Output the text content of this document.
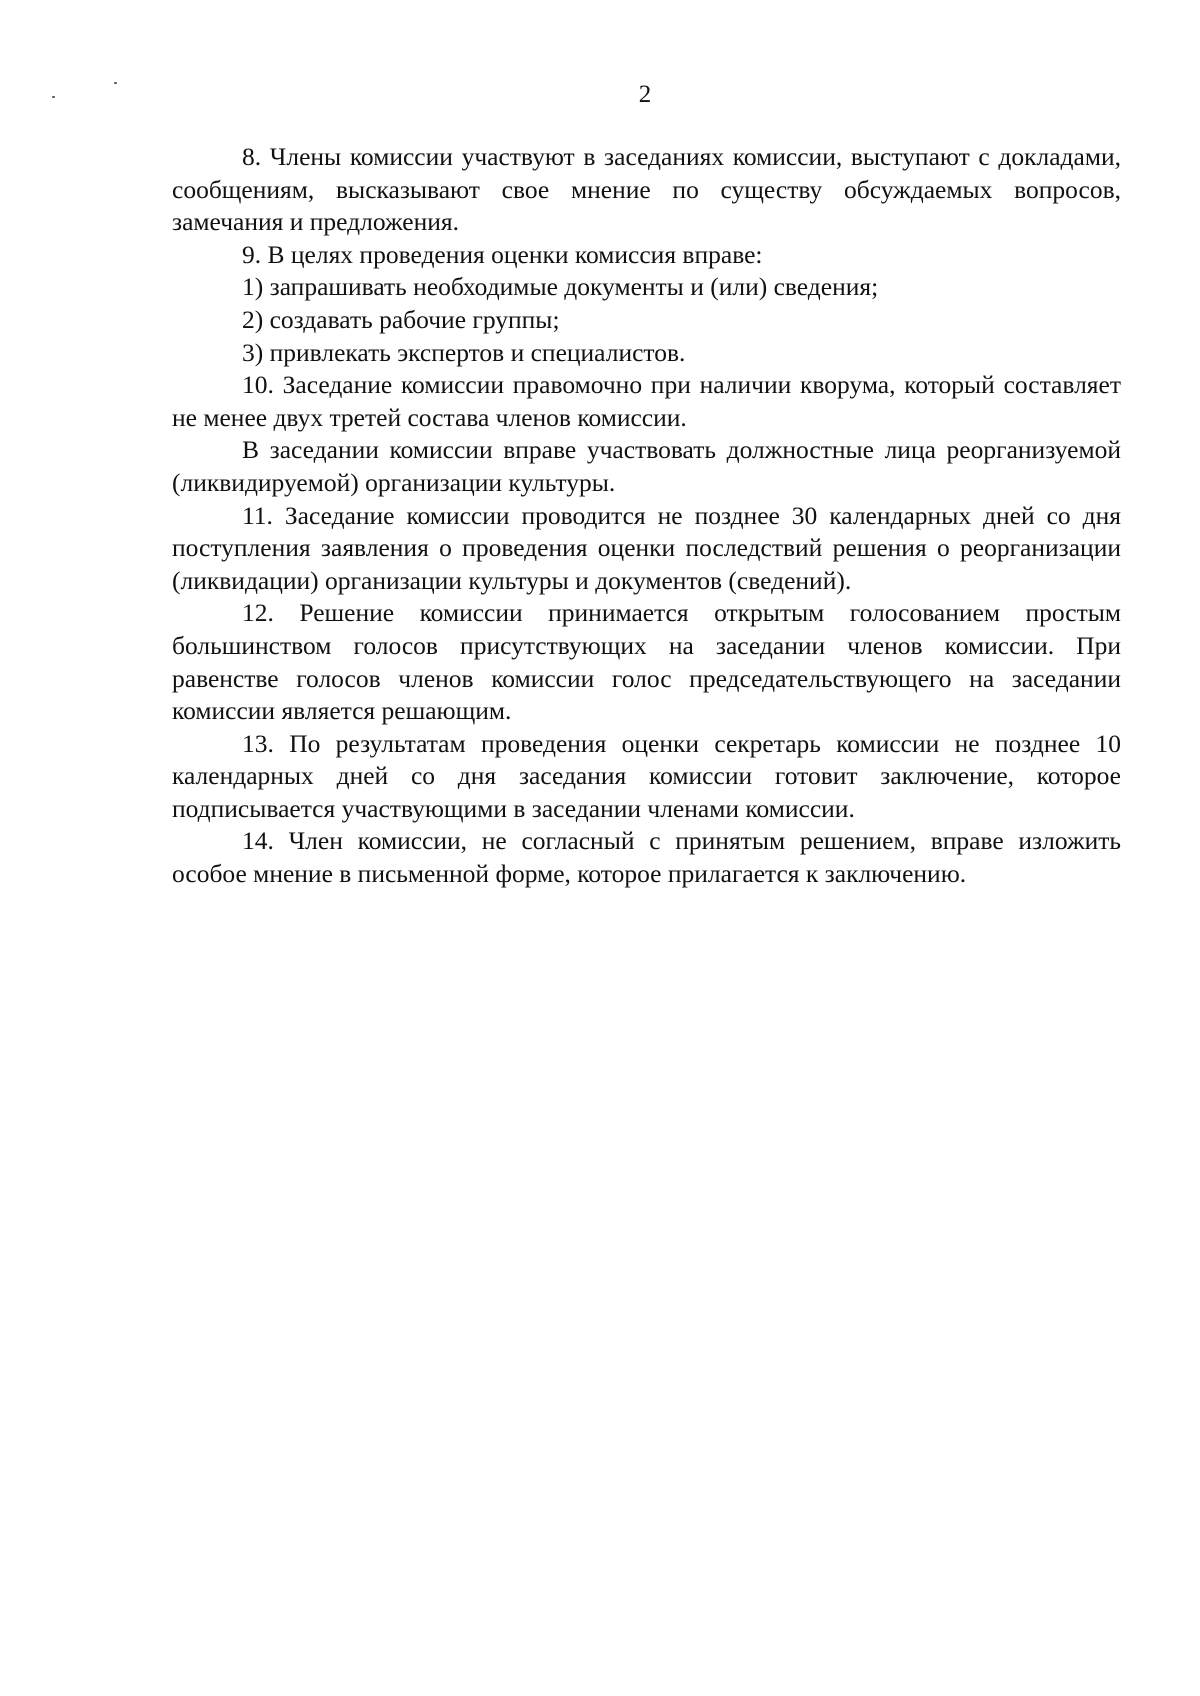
2

8. Члены комиссии участвуют в заседаниях комиссии, выступают с докладами, сообщениям, высказывают свое мнение по существу обсуждаемых вопросов, замечания и предложения.

9. В целях проведения оценки комиссия вправе:

1) запрашивать необходимые документы и (или) сведения;

2) создавать рабочие группы;

3) привлекать экспертов и специалистов.

10. Заседание комиссии правомочно при наличии кворума, который составляет не менее двух третей состава членов комиссии.

В заседании комиссии вправе участвовать должностные лица реорганизуемой (ликвидируемой) организации культуры.

11. Заседание комиссии проводится не позднее 30 календарных дней со дня поступления заявления о проведения оценки последствий решения о реорганизации (ликвидации) организации культуры и документов (сведений).

12. Решение комиссии принимается открытым голосованием простым большинством голосов присутствующих на заседании членов комиссии. При равенстве голосов членов комиссии голос председательствующего на заседании комиссии является решающим.

13. По результатам проведения оценки секретарь комиссии не позднее 10 календарных дней со дня заседания комиссии готовит заключение, которое подписывается участвующими в заседании членами комиссии.

14. Член комиссии, не согласный с принятым решением, вправе изложить особое мнение в письменной форме, которое прилагается к заключению.
